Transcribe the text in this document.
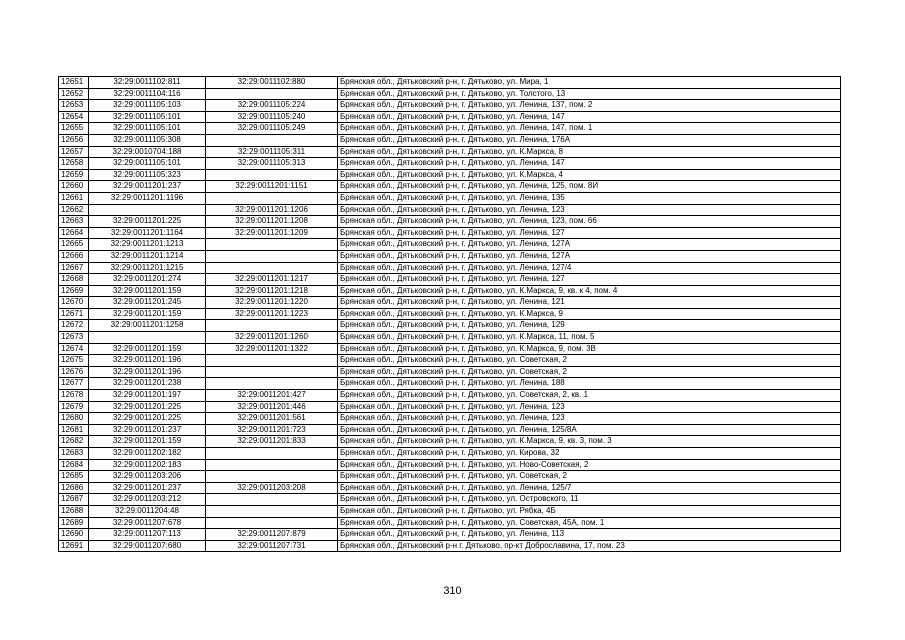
12651	32:29:0011102:811	32:29:0011102:880	Брянская обл., Дятьковский р-н, г. Дятьково, ул. Мира, 1
12652	32:29:0011104:116		Брянская обл., Дятьковский р-н, г. Дятьково, ул. Толстого, 13
12653	32:29:0011105:103	32:29:0011105:224	Брянская обл., Дятьковский р-н, г. Дятьково, ул. Ленина, 137, пом. 2
12654	32:29:0011105:101	32:29:0011105:240	Брянская обл., Дятьковский р-н, г. Дятьково, ул. Ленина, 147
12655	32:29:0011105:101	32:29:0011105:249	Брянская обл., Дятьковский р-н, г. Дятьково, ул. Ленина, 147, пом. 1
12656	32:29:0011105:308		Брянская обл., Дятьковский р-н, г. Дятьково, ул. Ленина, 176А
12657	32:29:0010704:188	32:29:0011105:311	Брянская обл., Дятьковский р-н, г. Дятьково, ул. К.Маркса, 8
12658	32:29:0011105:101	32:29:0011105:313	Брянская обл., Дятьковский р-н, г. Дятьково, ул. Ленина, 147
12659	32:29:0011105:323		Брянская обл., Дятьковский р-н, г. Дятьково, ул. К.Маркса, 4
12660	32:29:0011201:237	32:29:0011201:1151	Брянская обл., Дятьковский р-н, г. Дятьково, ул. Ленина, 125, пом. 8И
12661	32:29:0011201:1196		Брянская обл., Дятьковский р-н, г. Дятьково, ул. Ленина, 135
12662		32:29:0011201:1206	Брянская обл., Дятьковский р-н, г. Дятьково, ул. Ленина, 123
12663	32:29:0011201:225	32:29:0011201:1208	Брянская обл., Дятьковский р-н, г. Дятьково, ул. Ленина, 123, пом. 66
12664	32:29:0011201:1164	32:29:0011201:1209	Брянская обл., Дятьковский р-н, г. Дятьково, ул. Ленина, 127
12665	32:29:0011201:1213		Брянская обл., Дятьковский р-н, г. Дятьково, ул. Ленина, 127А
12666	32:29:0011201:1214		Брянская обл., Дятьковский р-н, г. Дятьково, ул. Ленина, 127А
12667	32:29:0011201:1215		Брянская обл., Дятьковский р-н, г. Дятьково, ул. Ленина, 127/4
12668	32:29:0011201:274	32:29:0011201:1217	Брянская обл., Дятьковский р-н, г. Дятьково, ул. Ленина, 127
12669	32:29:0011201:159	32:29:0011201:1218	Брянская обл., Дятьковский р-н, г. Дятьково, ул. К.Маркса, 9, кв. к 4, пом. 4
12670	32:29:0011201:245	32:29:0011201:1220	Брянская обл., Дятьковский р-н, г. Дятьково, ул. Ленина, 121
12671	32:29:0011201:159	32:29:0011201:1223	Брянская обл., Дятьковский р-н, г. Дятьково, ул. К.Маркса, 9
12672	32:29:0011201:1258		Брянская обл., Дятьковский р-н, г. Дятьково, ул. Ленина, 129
12673		32:29:0011201:1260	Брянская обл., Дятьковский р-н, г. Дятьково, ул. К.Маркса, 11, пом. 5
12674	32:29:0011201:159	32:29:0011201:1322	Брянская обл., Дятьковский р-н, г. Дятьково, ул. К.Маркса, 9, пом. 3В
12675	32:29:0011201:196		Брянская обл., Дятьковский р-н, г. Дятьково, ул. Советская, 2
12676	32:29:0011201:196		Брянская обл., Дятьковский р-н, г. Дятьково, ул. Советская, 2
12677	32:29:0011201:238		Брянская обл., Дятьковский р-н, г. Дятьково, ул. Ленина, 188
12678	32:29:0011201:197	32:29:0011201:427	Брянская обл., Дятьковский р-н, г. Дятьково, ул. Советская, 2, кв. 1
12679	32:29:0011201:225	32:29:0011201:446	Брянская обл., Дятьковский р-н, г. Дятьково, ул. Ленина, 123
12680	32:29:0011201:225	32:29:0011201:561	Брянская обл., Дятьковский р-н, г. Дятьково, ул. Ленина, 123
12681	32:29:0011201:237	32:29:0011201:723	Брянская обл., Дятьковский р-н, г. Дятьково, ул. Ленина, 125/8А
12682	32:29:0011201:159	32:29:0011201:833	Брянская обл., Дятьковский р-н, г. Дятьково, ул. К.Маркса, 9, кв. 3, пом. 3
12683	32:29:0011202:182		Брянская обл., Дятьковский р-н, г. Дятьково, ул. Кирова, 32
12684	32:29:0011202:183		Брянская обл., Дятьковский р-н, г. Дятьково, ул. Ново-Советская, 2
12685	32:29:0011203:206		Брянская обл., Дятьковский р-н, г. Дятьково, ул. Советская, 2
12686	32:29:0011201:237	32:29:0011203:208	Брянская обл., Дятьковский р-н, г. Дятьково, ул. Ленина, 125/7
12687	32:29:0011203:212		Брянская обл., Дятьковский р-н, г. Дятьково, ул. Островского, 11
12688	32:29:0011204:48		Брянская обл., Дятьковский р-н, г. Дятьково, ул. Рябка, 4Б
12689	32:29:0011207:678		Брянская обл., Дятьковский р-н, г. Дятьково, ул. Советская, 45А, пом. 1
12690	32:29:0011207:113	32:29:0011207:879	Брянская обл., Дятьковский р-н, г. Дятьково, ул. Ленина, 113
12691	32:29:0011207:680	32:29:0011207:731	Брянская обл., Дятьковский р-н г. Дятьково, пр-кт Доброславина, 17, пом. 23
310
